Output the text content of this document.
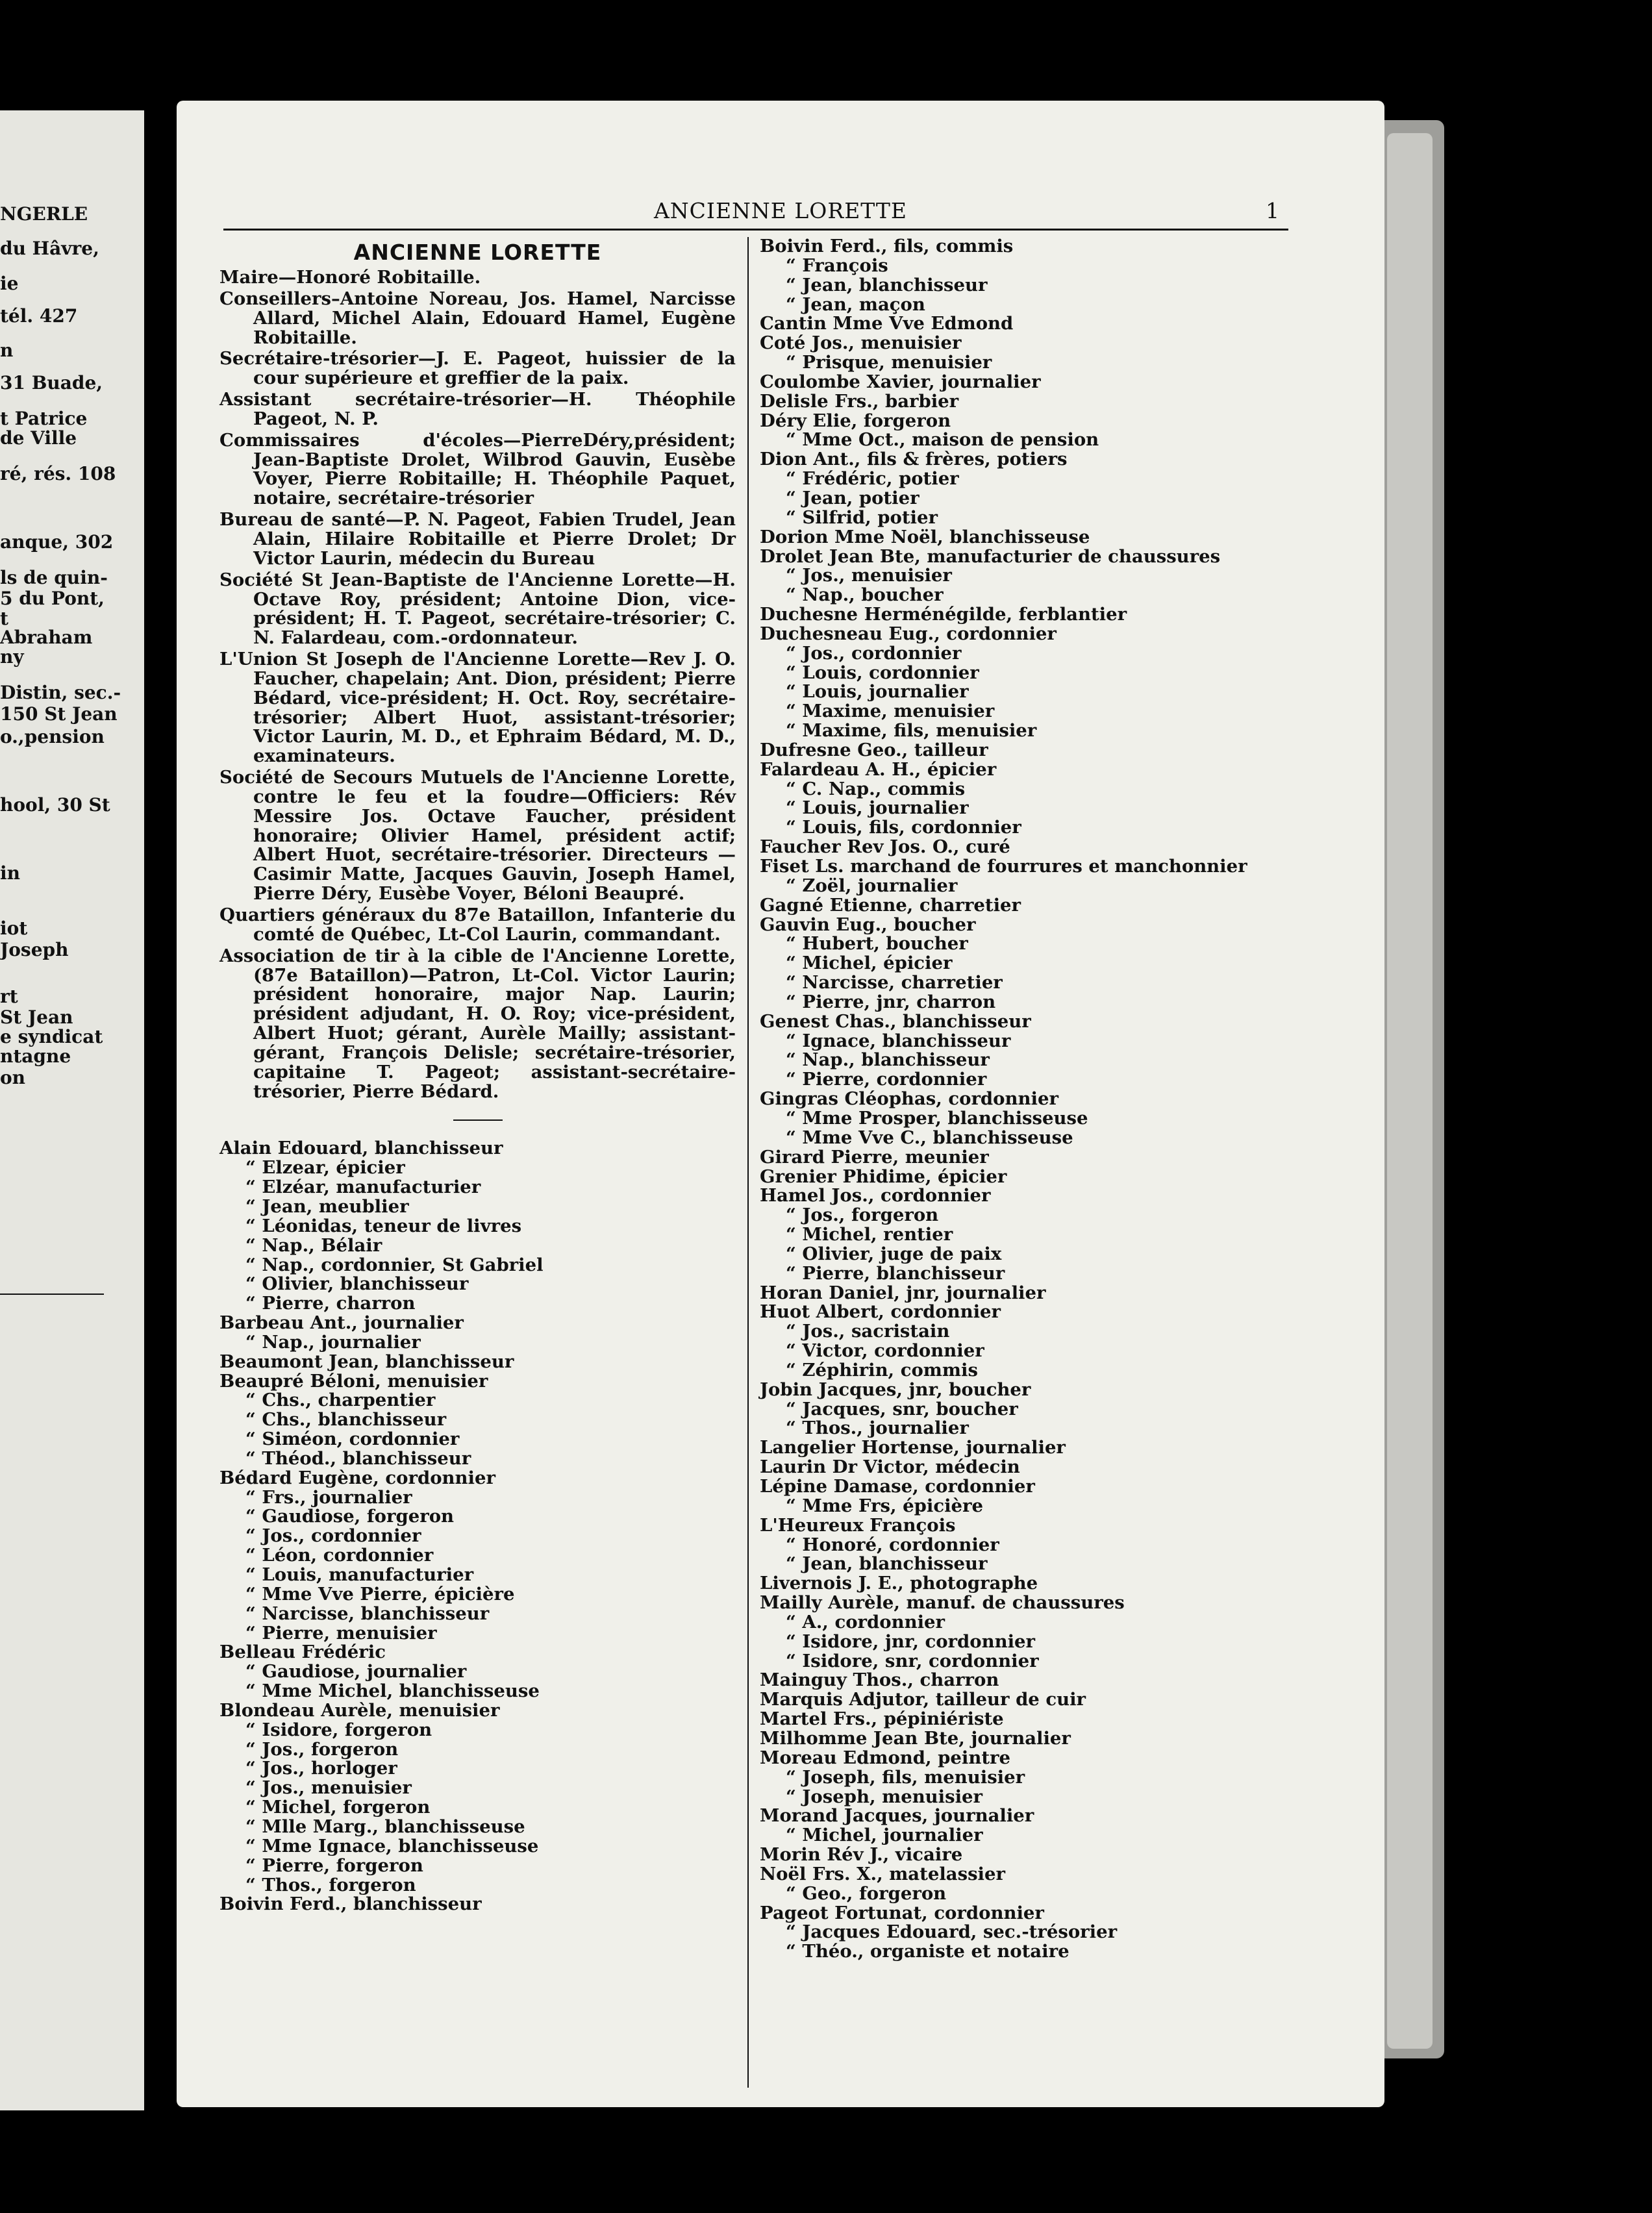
NGERLE
du Hâvre,
ie
tél. 427
n
31 Buade,
t Patrice
de Ville
ré, rés. 108
anque, 302
ls de quin-
5 du Pont,
t
Abraham
ny
Distin, sec.-
150 St Jean
o.,pension
hool, 30 St
in
iot
Joseph
rt
St Jean
e syndicat
ntagne
on
ANCIENNE LORETTE	1
ANCIENNE LORETTE
Maire—Honoré Robitaille.
Conseillers–Antoine Noreau, Jos. Hamel, Narcisse Allard, Michel Alain, Edouard Hamel, Eugène Robitaille.
Secrétaire-trésorier—J. E. Pageot, huissier de la cour supérieure et greffier de la paix.
Assistant secrétaire-trésorier—H. Théophile Pageot, N. P.
Commissaires d'écoles—PierreDéry,président; Jean-Baptiste Drolet, Wilbrod Gauvin, Eusèbe Voyer, Pierre Robitaille; H. Théophile Paquet, notaire, secrétaire-trésorier
Bureau de santé—P. N. Pageot, Fabien Trudel, Jean Alain, Hilaire Robitaille et Pierre Drolet; Dr Victor Laurin, médecin du Bureau
Société St Jean-Baptiste de l'Ancienne Lorette—H. Octave Roy, président; Antoine Dion, vice-président; H. T. Pageot, secrétaire-trésorier; C. N. Falardeau, com.-ordonnateur.
L'Union St Joseph de l'Ancienne Lorette—Rev J. O. Faucher, chapelain; Ant. Dion, président; Pierre Bédard, vice-président; H. Oct. Roy, secrétaire-trésorier; Albert Huot, assistant-trésorier; Victor Laurin, M. D., et Ephraim Bédard, M. D., examinateurs.
Société de Secours Mutuels de l'Ancienne Lorette, contre le feu et la foudre—Officiers: Rév Messire Jos. Octave Faucher, président honoraire; Olivier Hamel, président actif; Albert Huot, secrétaire-trésorier. Directeurs — Casimir Matte, Jacques Gauvin, Joseph Hamel, Pierre Déry, Eusèbe Voyer, Béloni Beaupré.
Quartiers généraux du 87e Bataillon, Infanterie du comté de Québec, Lt-Col Laurin, commandant.
Association de tir à la cible de l'Ancienne Lorette, (87e Bataillon)—Patron, Lt-Col. Victor Laurin; président honoraire, major Nap. Laurin; président adjudant, H. O. Roy; vice-président, Albert Huot; gérant, Aurèle Mailly; assistant-gérant, François Delisle; secrétaire-trésorier, capitaine T. Pageot; assistant-secrétaire-trésorier, Pierre Bédard.
Alain Edouard, blanchisseur
“ Elzear, épicier
“ Elzéar, manufacturier
“ Jean, meublier
“ Léonidas, teneur de livres
“ Nap., Bélair
“ Nap., cordonnier, St Gabriel
“ Olivier, blanchisseur
“ Pierre, charron
Barbeau Ant., journalier
“ Nap., journalier
Beaumont Jean, blanchisseur
Beaupré Béloni, menuisier
“ Chs., charpentier
“ Chs., blanchisseur
“ Siméon, cordonnier
“ Théod., blanchisseur
Bédard Eugène, cordonnier
“ Frs., journalier
“ Gaudiose, forgeron
“ Jos., cordonnier
“ Léon, cordonnier
“ Louis, manufacturier
“ Mme Vve Pierre, épicière
“ Narcisse, blanchisseur
“ Pierre, menuisier
Belleau Frédéric
“ Gaudiose, journalier
“ Mme Michel, blanchisseuse
Blondeau Aurèle, menuisier
“ Isidore, forgeron
“ Jos., forgeron
“ Jos., horloger
“ Jos., menuisier
“ Michel, forgeron
“ Mlle Marg., blanchisseuse
“ Mme Ignace, blanchisseuse
“ Pierre, forgeron
“ Thos., forgeron
Boivin Ferd., blanchisseur
Boivin Ferd., fils, commis
“ François
“ Jean, blanchisseur
“ Jean, maçon
Cantin Mme Vve Edmond
Coté Jos., menuisier
“ Prisque, menuisier
Coulombe Xavier, journalier
Delisle Frs., barbier
Déry Elie, forgeron
“ Mme Oct., maison de pension
Dion Ant., fils & frères, potiers
“ Frédéric, potier
“ Jean, potier
“ Silfrid, potier
Dorion Mme Noël, blanchisseuse
Drolet Jean Bte, manufacturier de chaussures
“ Jos., menuisier
“ Nap., boucher
Duchesne Herménégilde, ferblantier
Duchesneau Eug., cordonnier
“ Jos., cordonnier
“ Louis, cordonnier
“ Louis, journalier
“ Maxime, menuisier
“ Maxime, fils, menuisier
Dufresne Geo., tailleur
Falardeau A. H., épicier
“ C. Nap., commis
“ Louis, journalier
“ Louis, fils, cordonnier
Faucher Rev Jos. O., curé
Fiset Ls. marchand de fourrures et manchonnier
“ Zoël, journalier
Gagné Etienne, charretier
Gauvin Eug., boucher
“ Hubert, boucher
“ Michel, épicier
“ Narcisse, charretier
“ Pierre, jnr, charron
Genest Chas., blanchisseur
“ Ignace, blanchisseur
“ Nap., blanchisseur
“ Pierre, cordonnier
Gingras Cléophas, cordonnier
“ Mme Prosper, blanchisseuse
“ Mme Vve C., blanchisseuse
Girard Pierre, meunier
Grenier Phidime, épicier
Hamel Jos., cordonnier
“ Jos., forgeron
“ Michel, rentier
“ Olivier, juge de paix
“ Pierre, blanchisseur
Horan Daniel, jnr, journalier
Huot Albert, cordonnier
“ Jos., sacristain
“ Victor, cordonnier
“ Zéphirin, commis
Jobin Jacques, jnr, boucher
“ Jacques, snr, boucher
“ Thos., journalier
Langelier Hortense, journalier
Laurin Dr Victor, médecin
Lépine Damase, cordonnier
“ Mme Frs, épicière
L'Heureux François
“ Honoré, cordonnier
“ Jean, blanchisseur
Livernois J. E., photographe
Mailly Aurèle, manuf. de chaussures
“ A., cordonnier
“ Isidore, jnr, cordonnier
“ Isidore, snr, cordonnier
Mainguy Thos., charron
Marquis Adjutor, tailleur de cuir
Martel Frs., pépiniériste
Milhomme Jean Bte, journalier
Moreau Edmond, peintre
“ Joseph, fils, menuisier
“ Joseph, menuisier
Morand Jacques, journalier
“ Michel, journalier
Morin Rév J., vicaire
Noël Frs. X., matelassier
“ Geo., forgeron
Pageot Fortunat, cordonnier
“ Jacques Edouard, sec.-trésorier
“ Théo., organiste et notaire
